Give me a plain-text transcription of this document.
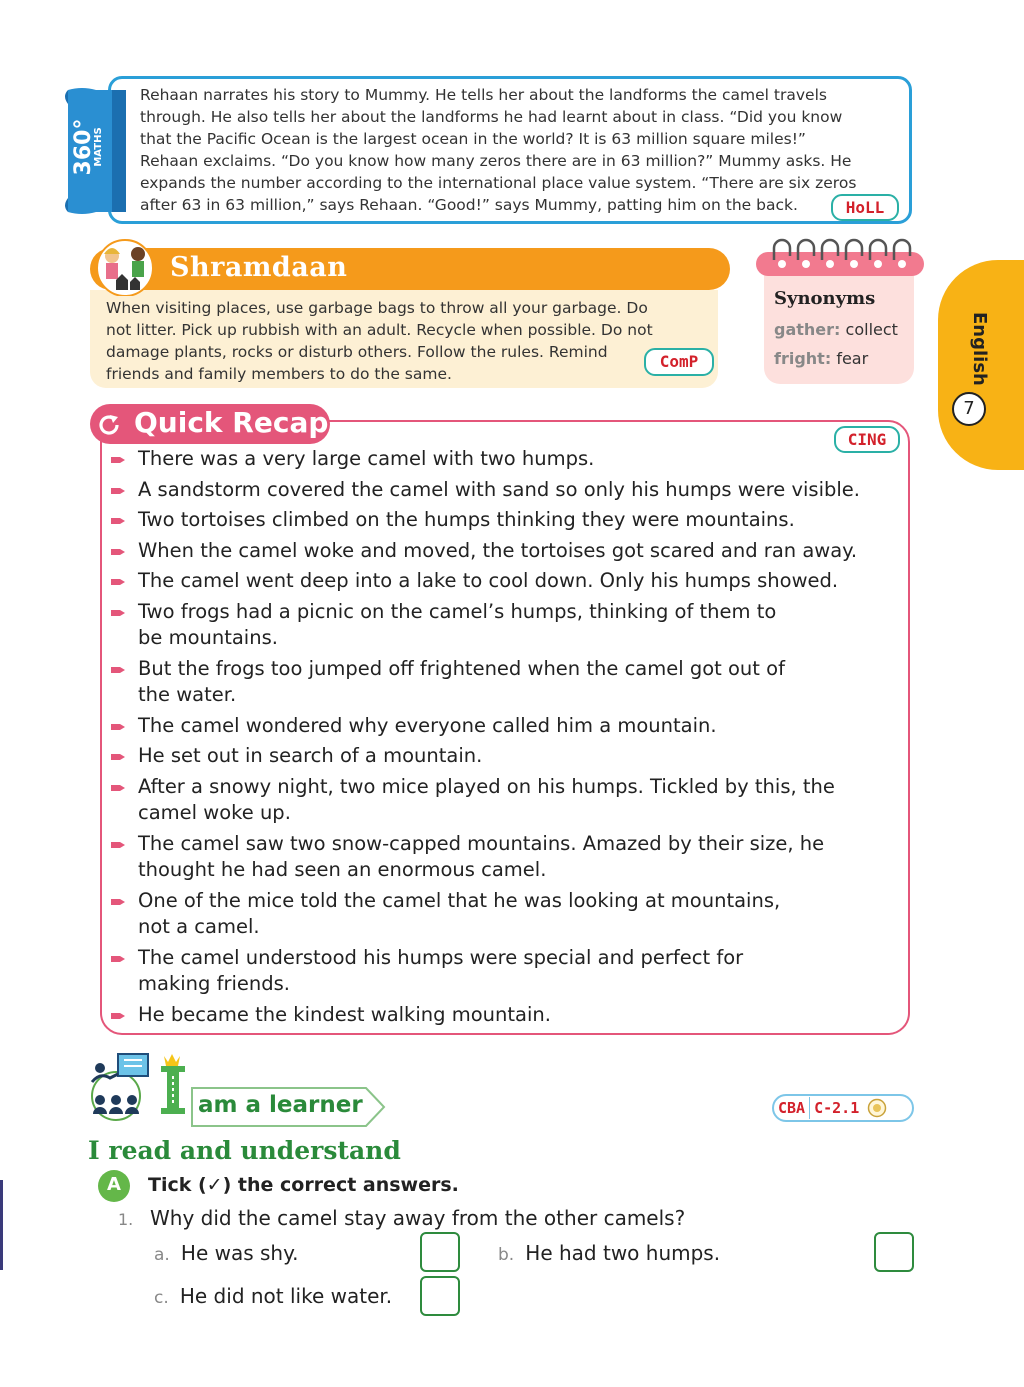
360°
MATHS
Rehaan narrates his story to Mummy. He tells her about the landforms the camel travels
through. He also tells her about the landforms he had learnt about in class. “Did you know
that the Pacific Ocean is the largest ocean in the world? It is 63 million square miles!”
Rehaan exclaims. “Do you know how many zeros there are in 63 million?” Mummy asks. He
expands the number according to the international place value system. “There are six zeros
after 63 in 63 million,” says Rehaan. “Good!” says Mummy, patting him on the back.	HoLL
Shramdaan
When visiting places, use garbage bags to throw all your garbage. Do
not litter. Pick up rubbish with an adult. Recycle when possible. Do not
damage plants, rocks or disturb others. Follow the rules. Remind
friends and family members to do the same.
ComP
Synonyms
gather: collect
fright: fear	English
7
Quick Recap
CING
There was a very large camel with two humps.
A sandstorm covered the camel with sand so only his humps were visible.
Two tortoises climbed on the humps thinking they were mountains.
When the camel woke and moved, the tortoises got scared and ran away.
The camel went deep into a lake to cool down. Only his humps showed.
Two frogs had a picnic on the camel’s humps, thinking of them to
be mountains.
But the frogs too jumped off frightened when the camel got out of
the water.
The camel wondered why everyone called him a mountain.
He set out in search of a mountain.
After a snowy night, two mice played on his humps. Tickled by this, the
camel woke up.
The camel saw two snow-capped mountains. Amazed by their size, he
thought he had seen an enormous camel.
One of the mice told the camel that he was looking at mountains,
not a camel.
The camel understood his humps were special and perfect for
making friends.
He became the kindest walking mountain.
am a learner	CBA C-2.1
I read and understand
A	Tick (✓) the correct answers.
1. Why did the camel stay away from the other camels?
a. He was shy.	b. He had two humps.
c. He did not like water.
